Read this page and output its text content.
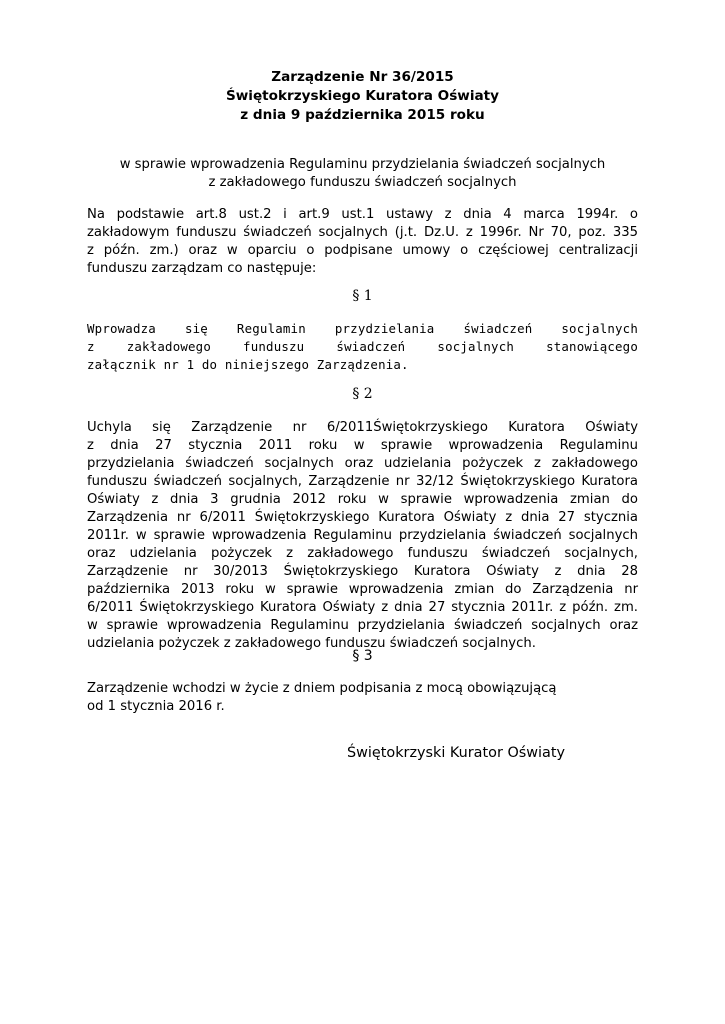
Zarządzenie Nr 36/2015
Świętokrzyskiego Kuratora Oświaty
z dnia 9 października 2015 roku
w sprawie wprowadzenia Regulaminu przydzielania świadczeń socjalnych
z zakładowego funduszu świadczeń socjalnych
Na podstawie art.8 ust.2 i art.9 ust.1 ustawy z dnia 4 marca 1994r. o
zakładowym funduszu świadczeń socjalnych (j.t. Dz.U. z 1996r. Nr 70, poz. 335
z późn. zm.) oraz w oparciu o podpisane umowy o częściowej centralizacji
funduszu zarządzam co następuje:
§ 1
Wprowadza się Regulamin przydzielania świadczeń socjalnych
z zakładowego funduszu świadczeń socjalnych stanowiącego
załącznik nr 1 do niniejszego Zarządzenia.
§ 2
Uchyla się Zarządzenie nr 6/2011Świętokrzyskiego Kuratora Oświaty
z dnia 27 stycznia 2011 roku w sprawie wprowadzenia Regulaminu
przydzielania świadczeń socjalnych oraz udzielania pożyczek z zakładowego
funduszu świadczeń socjalnych, Zarządzenie nr 32/12 Świętokrzyskiego Kuratora
Oświaty z dnia 3 grudnia 2012 roku w sprawie wprowadzenia zmian do
Zarządzenia nr 6/2011 Świętokrzyskiego Kuratora Oświaty z dnia 27 stycznia
2011r. w sprawie wprowadzenia Regulaminu przydzielania świadczeń socjalnych
oraz udzielania pożyczek z zakładowego funduszu świadczeń socjalnych,
Zarządzenie nr 30/2013 Świętokrzyskiego Kuratora Oświaty z dnia 28
października 2013 roku w sprawie wprowadzenia zmian do Zarządzenia nr
6/2011 Świętokrzyskiego Kuratora Oświaty z dnia 27 stycznia 2011r. z późn. zm.
w sprawie wprowadzenia Regulaminu przydzielania świadczeń socjalnych oraz
udzielania pożyczek z zakładowego funduszu świadczeń socjalnych.
§ 3
Zarządzenie wchodzi w życie z dniem podpisania z mocą obowiązującą
od 1 stycznia 2016 r.
Świętokrzyski Kurator Oświaty
